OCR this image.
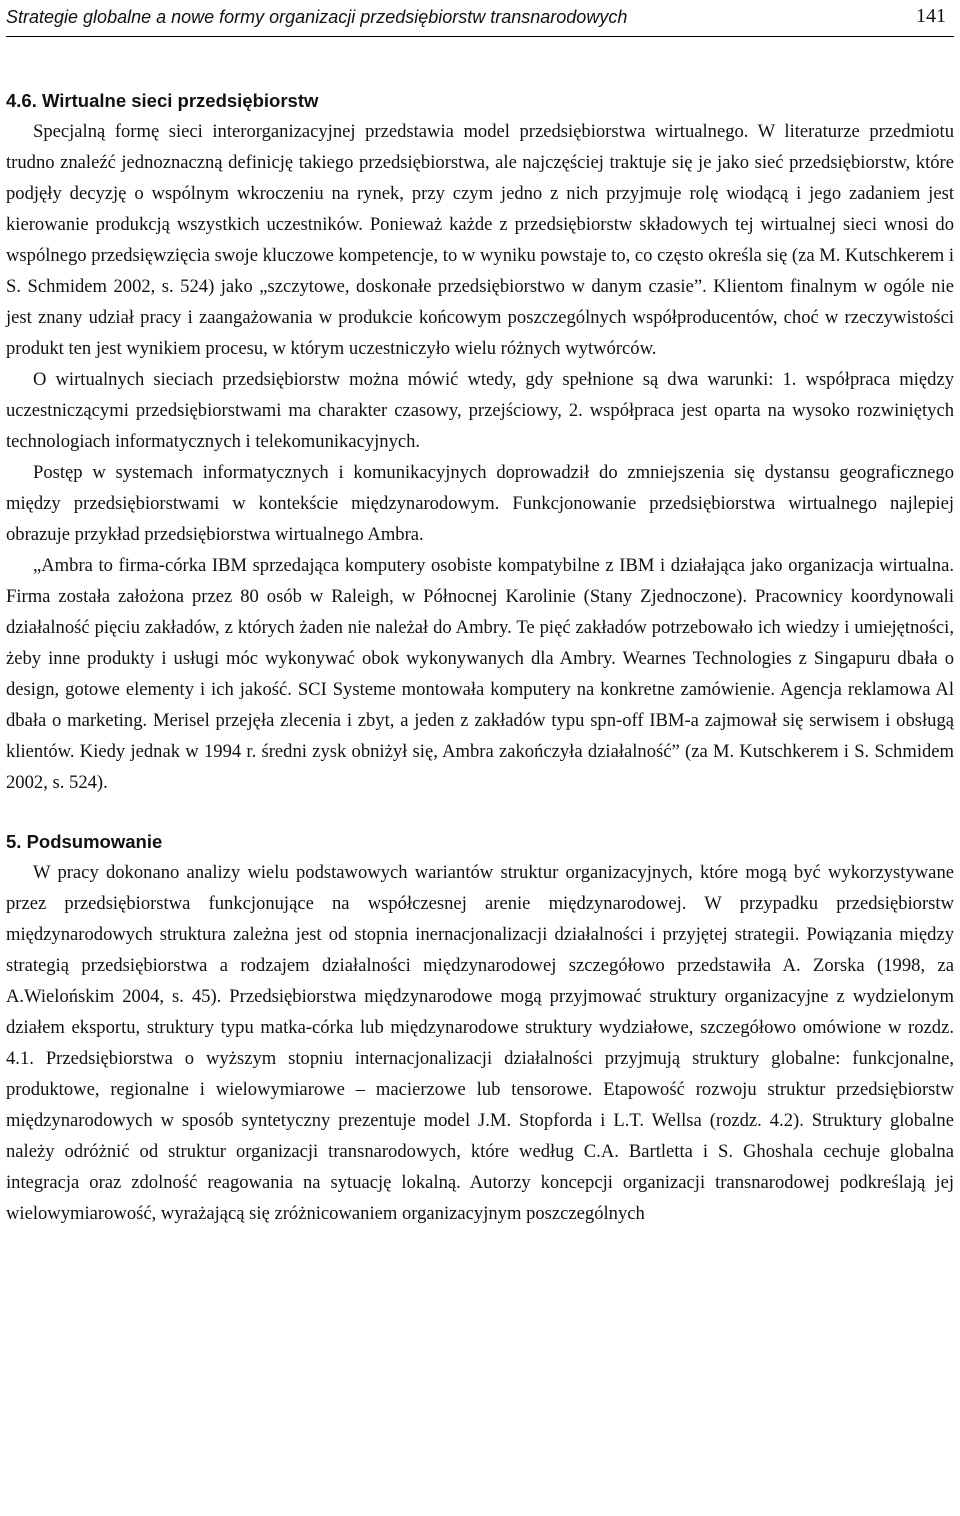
Strategie globalne a nowe formy organizacji przedsiębiorstw transnarodowych	141
4.6. Wirtualne sieci przedsiębiorstw

Specjalną formę sieci interorganizacyjnej przedstawia model przedsiębiorstwa wirtualnego. W literaturze przedmiotu trudno znaleźć jednoznaczną definicję takiego przedsiębiorstwa, ale najczęściej traktuje się je jako sieć przedsiębiorstw, które podjęły decyzję o wspólnym wkroczeniu na rynek, przy czym jedno z nich przyjmuje rolę wiodącą i jego zadaniem jest kierowanie produkcją wszystkich uczestników. Ponieważ każde z przedsiębiorstw składowych tej wirtualnej sieci wnosi do wspólnego przedsięwzięcia swoje kluczowe kompetencje, to w wyniku powstaje to, co często określa się (za M. Kutschkerem i S. Schmidem 2002, s. 524) jako „szczytowe, doskonałe przedsiębiorstwo w danym czasie”. Klientom finalnym w ogóle nie jest znany udział pracy i zaangażowania w produkcie końcowym poszczególnych współproducentów, choć w rzeczywistości produkt ten jest wynikiem procesu, w którym uczestniczyło wielu różnych wytwórców.

O wirtualnych sieciach przedsiębiorstw można mówić wtedy, gdy spełnione są dwa warunki: 1. współpraca między uczestniczącymi przedsiębiorstwami ma charakter czasowy, przejściowy, 2. współpraca jest oparta na wysoko rozwiniętych technologiach informatycznych i telekomunikacyjnych.

Postęp w systemach informatycznych i komunikacyjnych doprowadził do zmniejszenia się dystansu geograficznego między przedsiębiorstwami w kontekście międzynarodowym. Funkcjonowanie przedsiębiorstwa wirtualnego najlepiej obrazuje przykład przedsiębiorstwa wirtualnego Ambra.

„Ambra to firma-córka IBM sprzedająca komputery osobiste kompatybilne z IBM i działająca jako organizacja wirtualna. Firma została założona przez 80 osób w Raleigh, w Północnej Karolinie (Stany Zjednoczone). Pracownicy koordynowali działalność pięciu zakładów, z których żaden nie należał do Ambry. Te pięć zakładów potrzebowało ich wiedzy i umiejętności, żeby inne produkty i usługi móc wykonywać obok wykonywanych dla Ambry. Wearnes Technologies z Singapuru dbała o design, gotowe elementy i ich jakość. SCI Systeme montowała komputery na konkretne zamówienie. Agencja reklamowa Al dbała o marketing. Merisel przejęła zlecenia i zbyt, a jeden z zakładów typu spn-off IBM-a zajmował się serwisem i obsługą klientów. Kiedy jednak w 1994 r. średni zysk obniżył się, Ambra zakończyła działalność” (za M. Kutschkerem i S. Schmidem 2002, s. 524).

5. Podsumowanie

W pracy dokonano analizy wielu podstawowych wariantów struktur organizacyjnych, które mogą być wykorzystywane przez przedsiębiorstwa funkcjonujące na współczesnej arenie międzynarodowej. W przypadku przedsiębiorstw międzynarodowych struktura zależna jest od stopnia inernacjonalizacji działalności i przyjętej strategii. Powiązania między strategią przedsiębiorstwa a rodzajem działalności międzynarodowej szczegółowo przedstawiła A. Zorska (1998, za A.Wielońskim 2004, s. 45). Przedsiębiorstwa międzynarodowe mogą przyjmować struktury organizacyjne z wydzielonym działem eksportu, struktury typu matka-córka lub międzynarodowe struktury wydziałowe, szczegółowo omówione w rozdz. 4.1. Przedsiębiorstwa o wyższym stopniu internacjonalizacji działalności przyjmują struktury globalne: funkcjonalne, produktowe, regionalne i wielowymiarowe – macierzowe lub tensorowe. Etapowość rozwoju struktur przedsiębiorstw międzynarodowych w sposób syntetyczny prezentuje model J.M. Stopforda i L.T. Wellsa (rozdz. 4.2). Struktury globalne należy odróżnić od struktur organizacji transnarodowych, które według C.A. Bartletta i S. Ghoshala cechuje globalna integracja oraz zdolność reagowania na sytuację lokalną. Autorzy koncepcji organizacji transnarodowej podkreślają jej wielowymiarowość, wyrażającą się zróżnicowaniem organizacyjnym poszczególnych
